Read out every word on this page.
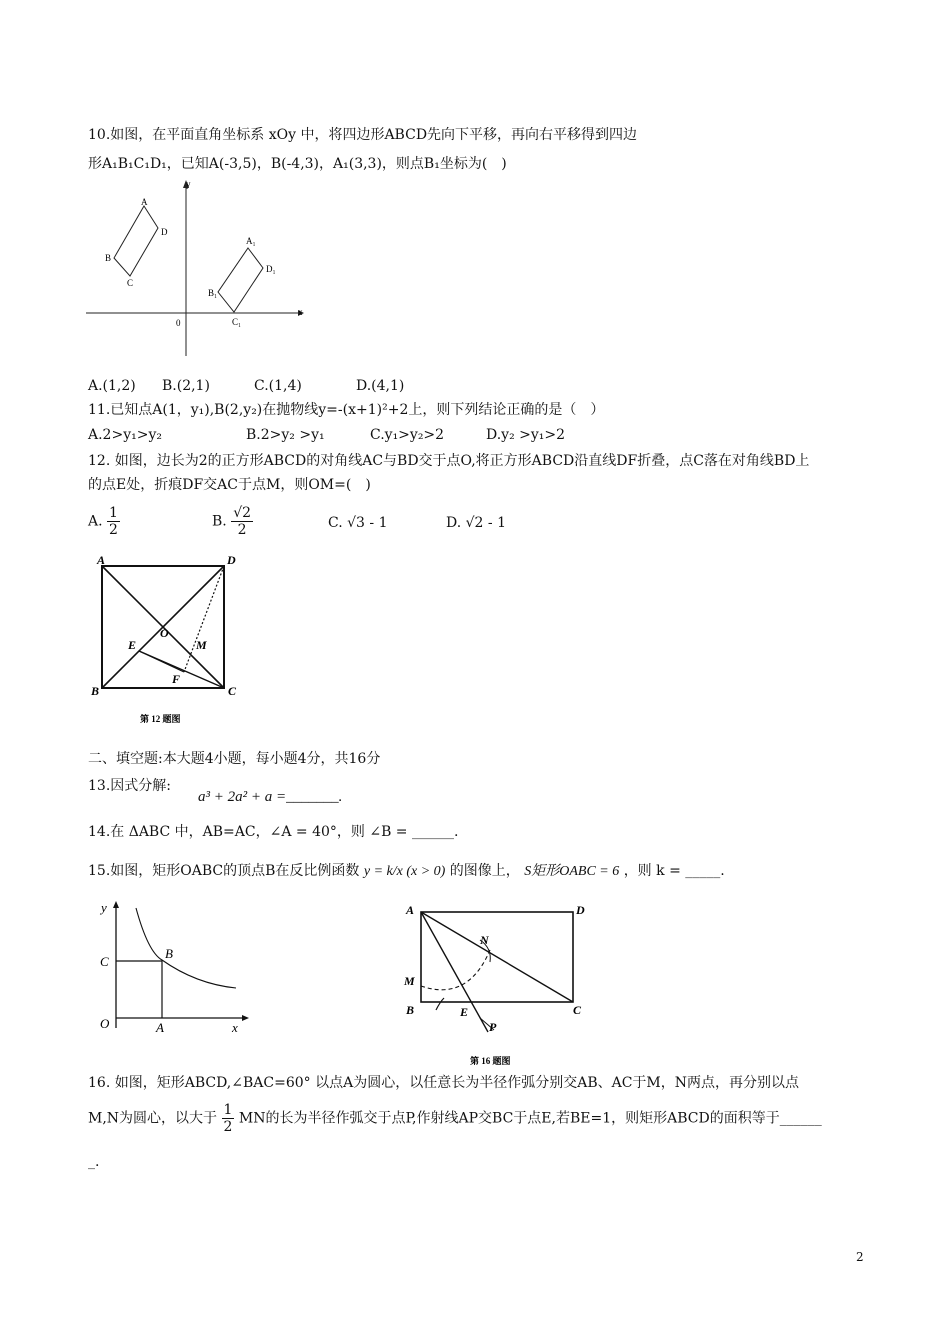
10.如图，在平面直角坐标系 xOy 中，将四边形ABCD先向下平移，再向右平移得到四边
形A₁B₁C₁D₁，已知A(-3,5)，B(-4,3)，A₁(3,3)，则点B₁坐标为(　)
y
x
0
A
D
B
C
A₁
D₁
B₁
C₁
A.(1,2) B.(2,1)	C.(1,4)	D.(4,1)
11.已知点A(1，y₁),B(2,y₂)在抛物线y=-(x+1)²+2上，则下列结论正确的是（　）
A.2>y₁>y₂	B.2>y₂ >y₁	C.y₁>y₂>2	D.y₂ >y₁>2
12. 如图，边长为2的正方形ABCD的对角线AC与BD交于点O,将正方形ABCD沿直线DF折叠，点C落在对角线BD上
的点E处，折痕DF交AC于点M，则OM=(　)
A. $\frac{1}{2}$	B. $\frac{√2}{2}$	C. √3 - 1	D. √2 - 1
A	D
B	C
O
E	M
F
第 12 题图
二、填空题:本大题4小题，每小题4分，共16分
13.因式分解:
a³ + 2a² + a =_______.
14.在 ΔABC 中，AB=AC，∠A = 40°，则 ∠B = ______.
15.如图，矩形OABC的顶点B在反比例函数 y = k/x (x > 0) 的图像上， S矩形OABC = 6 ，则 k = _____.
y
x
O	A
B
C
A	D
B	C
E
M
N
P
第 16 题图
16. 如图，矩形ABCD,∠BAC=60° 以点A为圆心，以任意长为半径作弧分别交AB、AC于M，N两点，再分别以点
M,N为圆心，以大于 $\frac{1}{2}$ MN的长为半径作弧交于点P,作射线AP交BC于点E,若BE=1，则矩形ABCD的面积等于______
_.
2
